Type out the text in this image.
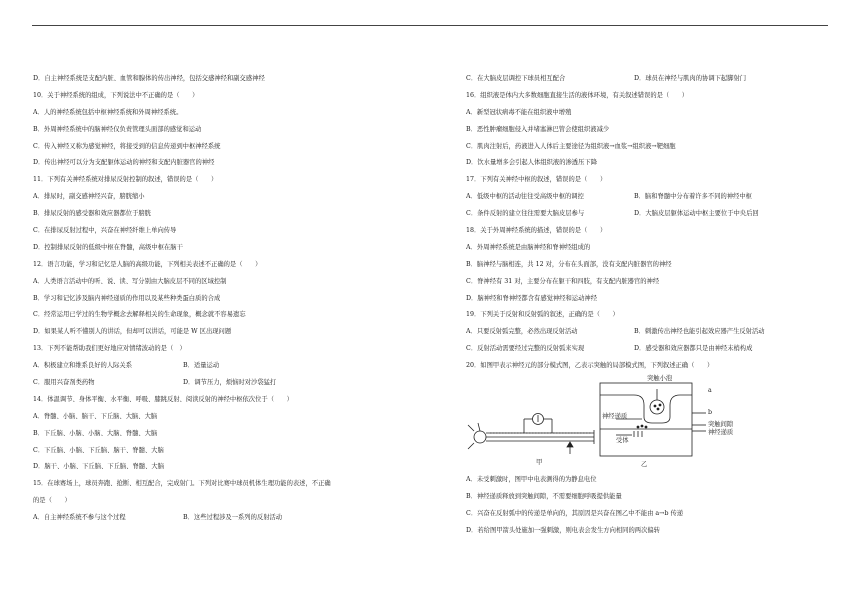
D．自主神经系统是支配内脏、血管和腺体的传出神经，包括交感神经和副交感神经
10．关于神经系统的组成，下列说法中不正确的是（　　）
A．人的神经系统包括中枢神经系统和外周神经系统。
B．外周神经系统中的脑神经仅负责管理头面部的感觉和运动
C．传入神经又称为感觉神经，将接受到的信息传递到中枢神经系统
D．传出神经可以分为支配躯体运动的神经和支配内脏器官的神经
11．下列有关神经系统对排尿反射控制的叙述，错误的是（　　）
A．排尿时，副交感神经兴奋，膀胱缩小
B．排尿反射的感受器和效应器都位于膀胱
C．在排尿反射过程中，兴奋在神经纤维上单向传导
D．控制排尿反射的低级中枢在脊髓，高级中枢在脑干
12．语言功能，学习和记忆是人脑的高级功能，下列相关表述不正确的是（　　）
A．人类语言活动中的听、说、读、写分别由大脑皮层不同的区域控制
B．学习和记忆涉及脑内神经递质的作用以及某些种类蛋白质的合成
C．经常运用已学过的生物学概念去解释相关的生命现象，概念就不容易遗忘
D．如果某人听不懂别人的讲话，但却可以讲话，可能是 W 区出现问题
13．下列不能帮助我们更好地应对情绪波动的是（　）
A．积极建立和维系良好的人际关系	B．适量运动
C．服用兴奋剂类药物	D．调节压力，烦恼时对沙袋猛打
14．体温调节、身体平衡、水平衡、呼吸、膝跳反射、阅读反射的神经中枢依次位于（　　）
A．脊髓、小脑、脑干、下丘脑、大脑、大脑
B．下丘脑、小脑、小脑、大脑、脊髓、大脑
C．下丘脑、小脑、下丘脑、脑干、脊髓、大脑
D．脑干、小脑、下丘脑、下丘脑、脊髓、大脑
15．在球赛场上，球员奔跑、抢断、相互配合，完成射门。下列对比赛中球员机体生理功能的表述，不正确
的是（　　）
A．自主神经系统不参与这个过程	B．这些过程涉及一系列的反射活动
C．在大脑皮层调控下球员相互配合	D．球员在神经与肌肉的协调下起脚射门
16．组织液是体内大多数细胞直接生活的液体环境，有关叙述错误的是（　　）
A．新型冠状病毒不能在组织液中增殖
B．恶性肿瘤细胞侵入并堵塞淋巴管会使组织液减少
C．肌肉注射后，药液进入人体后主要途径为组织液→血浆→组织液→靶细胞
D．饮水量增多会引起人体组织液的渗透压下降
17．下列有关神经中枢的叙述，错误的是（　　）
A．低级中枢的活动往往受高级中枢的调控	B．脑和脊髓中分布着许多不同的神经中枢
C．条件反射的建立往往需要大脑皮层参与	D．大脑皮层躯体运动中枢主要位于中央后回
18．关于外周神经系统的描述，错误的是（　　）
A．外周神经系统是由脑神经和脊神经组成的
B．脑神经与脑相连，共 12 对，分布在头面部，没有支配内脏器官的神经
C．脊神经有 31 对，主要分布在躯干和四肢，有支配内脏器官的神经
D．脑神经和脊神经都含有感觉神经和运动神经
19．下列关于反射和反射弧的叙述，正确的是（　　）
A．只要反射弧完整，必然出现反射活动	B．刺激传出神经也能引起效应器产生反射活动
C．反射活动需要经过完整的反射弧来实现	D．感受器和效应器都只是由神经末梢构成
20．如图甲表示神经元的部分模式图，乙表示突触的局部模式图，下列叙述正确（　　）
突触小泡
神经递质
a
b
突触间隙
神经递质
受体
甲	乙
A．未受刺激时，图甲中电表测得的为静息电位
B．神经递质释放到突触间隙，不需要细胞呼吸提供能量
C．兴奋在反射弧中的传递是单向的，其原因是兴奋在图乙中不能由 a→b 传递
D．若给图甲箭头处施加一强刺激，则电表会发生方向相同的两次偏转
